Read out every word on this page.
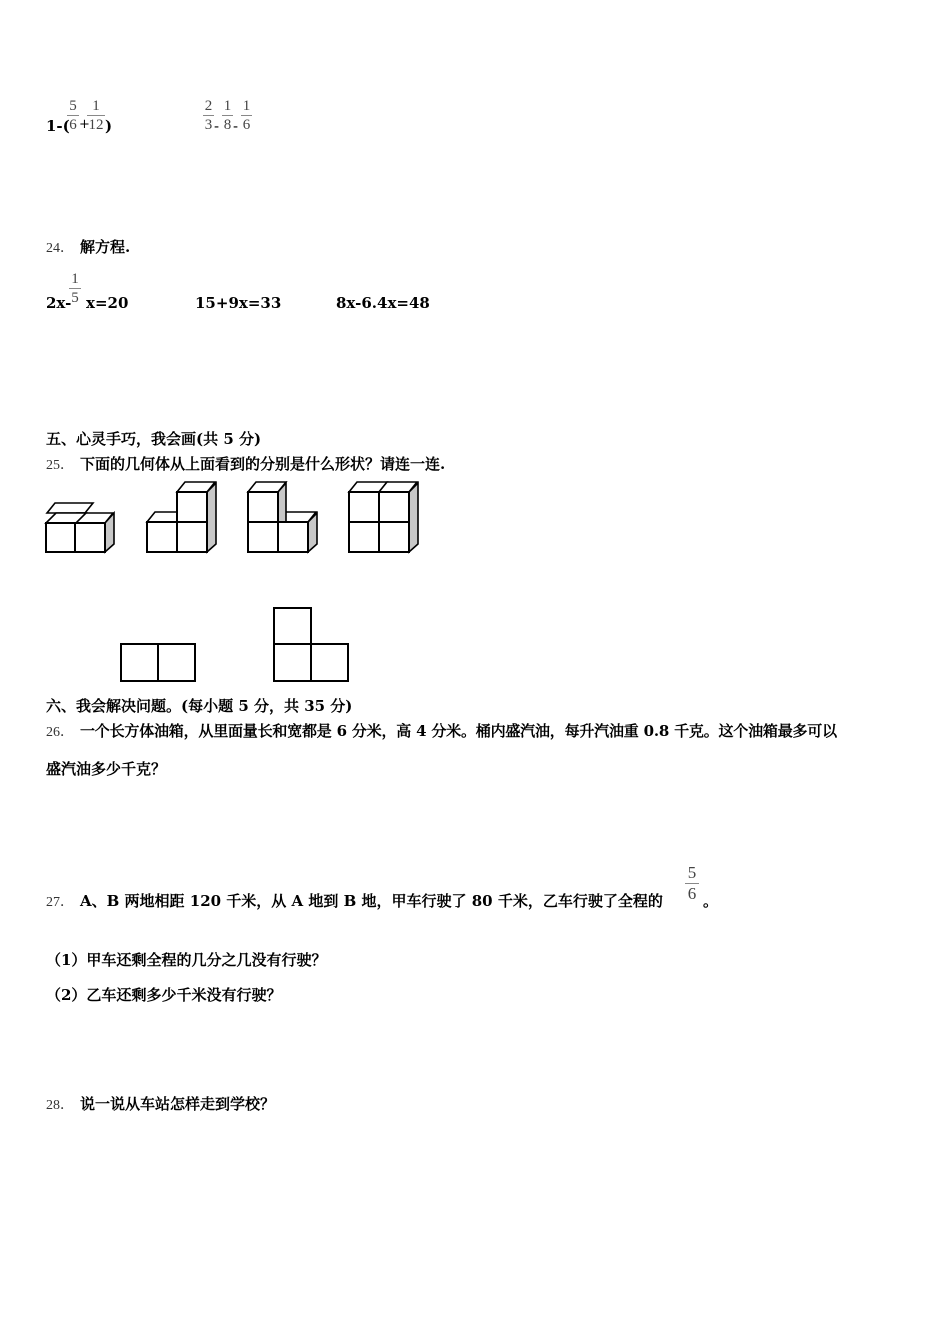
1-(
5
6 +
1
12 )
2
3 -
1
8 -
1
6
24． 解方程.
2x-
1
5 x=20	15+9x=33	8x-6.4x=48
五、心灵手巧，我会画(共 5 分)
25． 下面的几何体从上面看到的分别是什么形状？请连一连.
六、我会解决问题。(每小题 5 分，共 35 分)
26． 一个长方体油箱，从里面量长和宽都是 6 分米，高 4 分米。桶内盛汽油，每升汽油重 0.8 千克。这个油箱最多可以
盛汽油多少千克？
27． A、B 两地相距 120 千米，从 A 地到 B 地，甲车行驶了 80 千米，乙车行驶了全程的
5
6 。
（1）甲车还剩全程的几分之几没有行驶？
（2）乙车还剩多少千米没有行驶？
28． 说一说从车站怎样走到学校？
